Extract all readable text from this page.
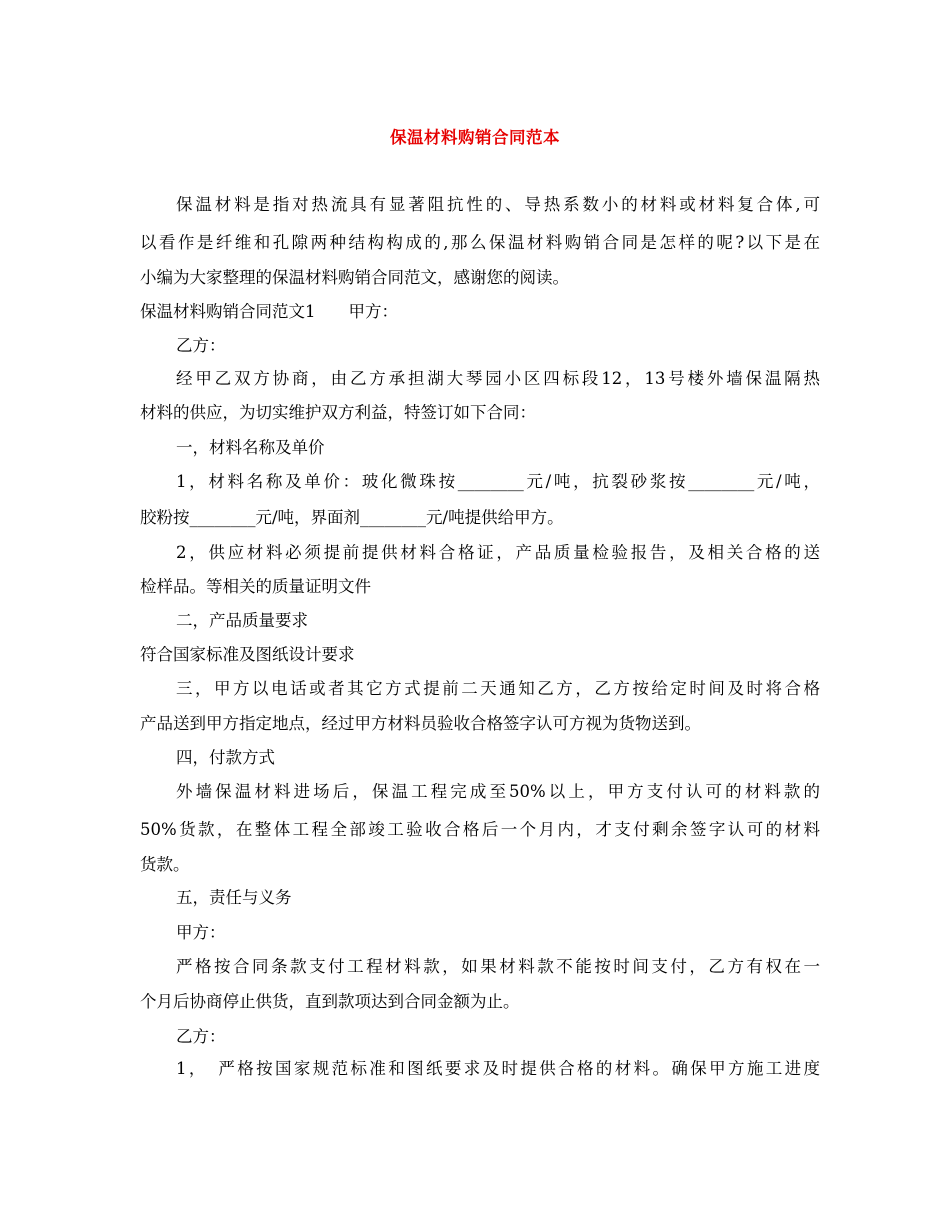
保温材料购销合同范本
保温材料是指对热流具有显著阻抗性的、导热系数小的材料或材料复合体,可
以看作是纤维和孔隙两种结构构成的,那么保温材料购销合同是怎样的呢?以下是在
小编为大家整理的保温材料购销合同范文，感谢您的阅读。
保温材料购销合同范文1　　甲方：
乙方：
经甲乙双方协商，由乙方承担湖大琴园小区四标段12，13号楼外墙保温隔热
材料的供应，为切实维护双方利益，特签订如下合同：
一，材料名称及单价
1，材料名称及单价：玻化微珠按________元/吨，抗裂砂浆按________元/吨，
胶粉按________元/吨，界面剂________元/吨提供给甲方。
2，供应材料必须提前提供材料合格证，产品质量检验报告，及相关合格的送
检样品。等相关的质量证明文件
二，产品质量要求
符合国家标准及图纸设计要求
三，甲方以电话或者其它方式提前二天通知乙方，乙方按给定时间及时将合格
产品送到甲方指定地点，经过甲方材料员验收合格签字认可方视为货物送到。
四，付款方式
外墙保温材料进场后，保温工程完成至50%以上，甲方支付认可的材料款的
50%货款，在整体工程全部竣工验收合格后一个月内，才支付剩余签字认可的材料
货款。
五，责任与义务
甲方：
严格按合同条款支付工程材料款，如果材料款不能按时间支付，乙方有权在一
个月后协商停止供货，直到款项达到合同金额为止。
乙方：
1，　严格按国家规范标准和图纸要求及时提供合格的材料。确保甲方施工进度
